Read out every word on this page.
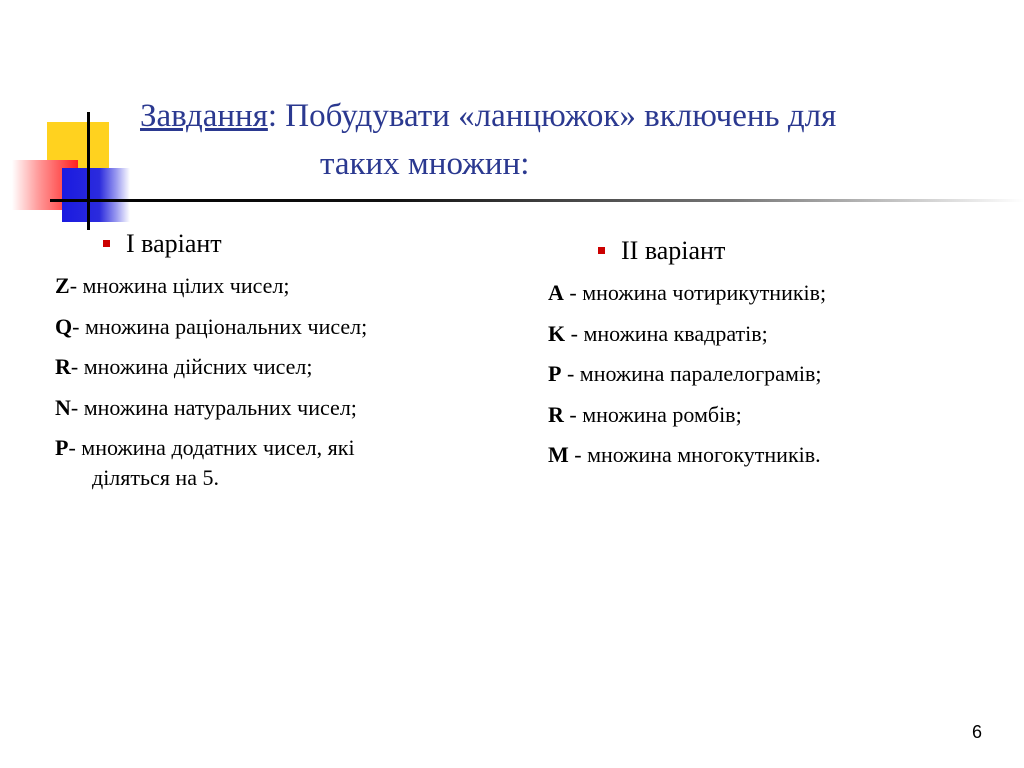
Завдання: Побудувати «ланцюжок» включень для
таких множин:
І варіант
Z- множина цілих чисел;
Q- множина раціональних чисел;
R- множина дійсних чисел;
N- множина натуральних чисел;
P- множина додатних чисел, які
діляться на 5.
ІІ варіант
A - множина чотирикутників;
K - множина квадратів;
P - множина паралелограмів;
R - множина ромбів;
M - множина многокутників.
6
